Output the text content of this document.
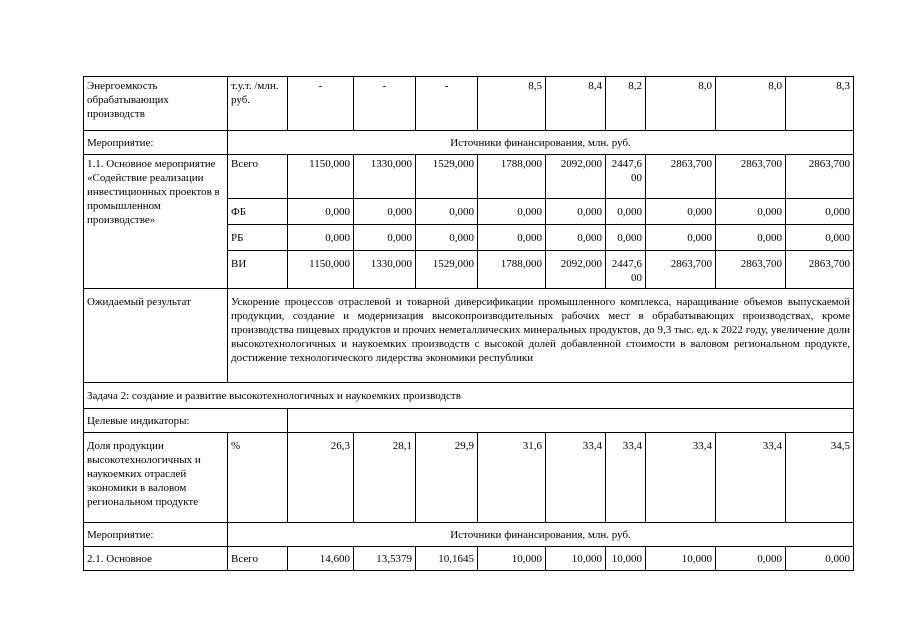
Энергоемкость обрабатывающих производств	т.у.т. /млн. руб.	-	-	-	8,5	8,4	8,2	8,0	8,0	8,3
Мероприятие:	Источники финансирования, млн. руб.									
1.1. Основное мероприятие «Содействие реализации инвестиционных проектов в промышленном производстве»	Всего	1150,000	1330,000	1529,000	1788,000	2092,000	2447,600	2863,700	2863,700	2863,700
	ФБ	0,000	0,000	0,000	0,000	0,000	0,000	0,000	0,000	0,000
	РБ	0,000	0,000	0,000	0,000	0,000	0,000	0,000	0,000	0,000
	ВИ	1150,000	1330,000	1529,000	1788,000	2092,000	2447,600	2863,700	2863,700	2863,700
Ожидаемый результат	Ускорение процессов отраслевой и товарной диверсификации промышленного комплекса, наращивание объемов выпускаемой продукции, создание и модернизация высокопроизводительных рабочих мест в обрабатывающих производствах, кроме производства пищевых продуктов и прочих неметаллических минеральных продуктов, до 9,3 тыс. ед. к 2022 году, увеличение доли высокотехнологичных и наукоемких производств с высокой долей добавленной стоимости в валовом региональном продукте, достижение технологического лидерства экономики республики									
Задача 2: создание и развитие высокотехнологичных и наукоемких производств										
Целевые индикаторы:										
Доля продукции высокотехнологичных и наукоемких отраслей экономики в валовом региональном продукте	%	26,3	28,1	29,9	31,6	33,4	33,4	33,4	33,4	34,5
Мероприятие:	Источники финансирования, млн. руб.									
2.1. Основное	Всего	14,600	13,5379	10,1645	10,000	10,000	10,000	10,000	0,000	0,000
